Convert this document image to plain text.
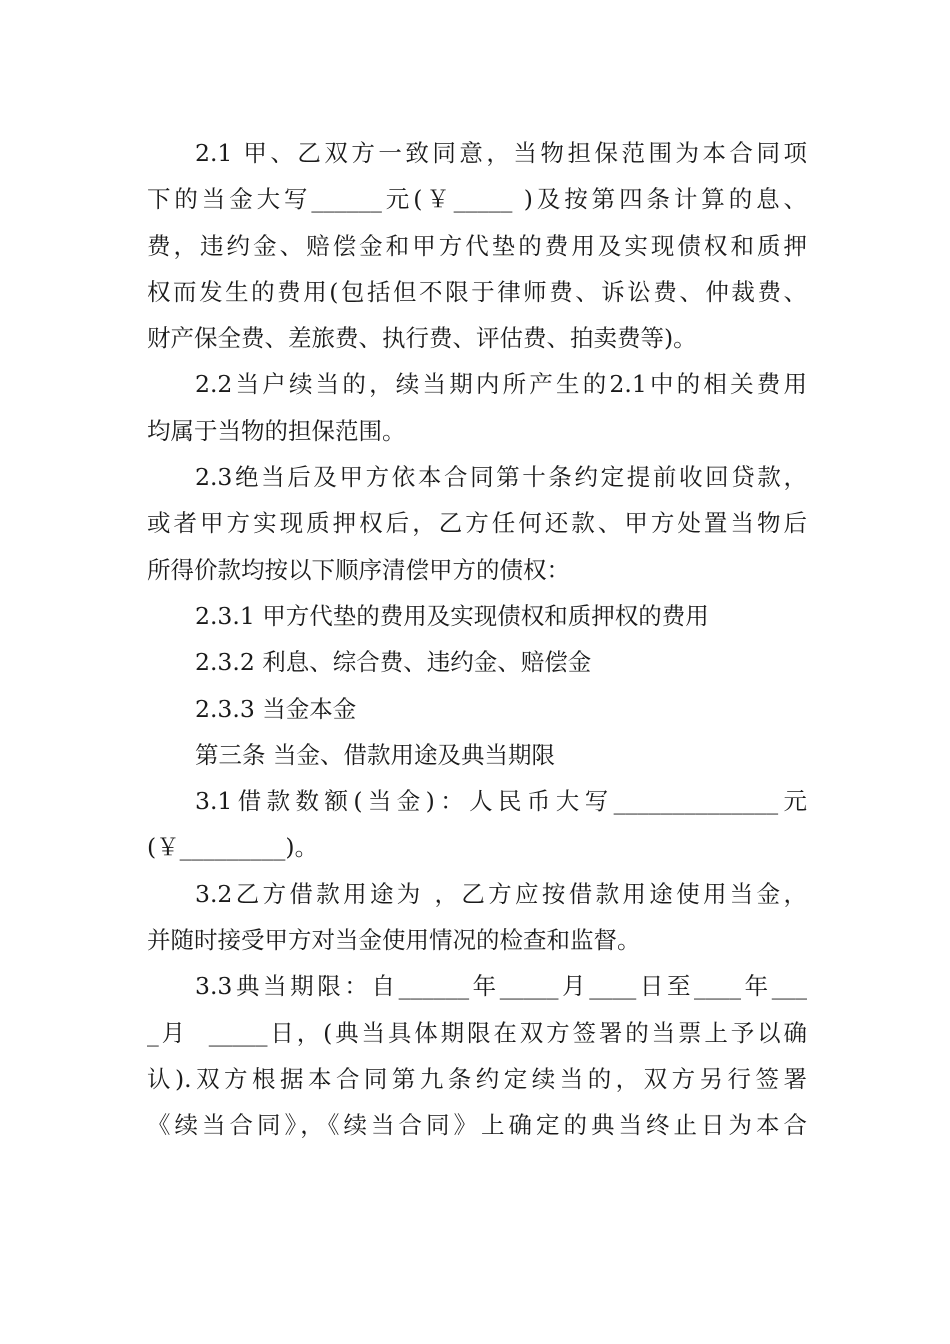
2.1 甲、乙双方一致同意，当物担保范围为本合同项
下的当金大写______元(￥_____ )及按第四条计算的息、
费，违约金、赔偿金和甲方代垫的费用及实现债权和质押
权而发生的费用(包括但不限于律师费、诉讼费、仲裁费、
财产保全费、差旅费、执行费、评估费、拍卖费等)。
2.2当户续当的，续当期内所产生的2.1中的相关费用
均属于当物的担保范围。
2.3绝当后及甲方依本合同第十条约定提前收回贷款，
或者甲方实现质押权后，乙方任何还款、甲方处置当物后
所得价款均按以下顺序清偿甲方的债权：
2.3.1 甲方代垫的费用及实现债权和质押权的费用
2.3.2 利息、综合费、违约金、赔偿金
2.3.3 当金本金
第三条 当金、借款用途及典当期限
3.1借款数额(当金)：人民币大写______________元
(￥_________)。
3.2乙方借款用途为 ，乙方应按借款用途使用当金，
并随时接受甲方对当金使用情况的检查和监督。
3.3典当期限：自______年_____月____日至____年___
_月  _____日，(典当具体期限在双方签署的当票上予以确
认).双方根据本合同第九条约定续当的，双方另行签署
《续当合同》，《续当合同》上确定的典当终止日为本合
